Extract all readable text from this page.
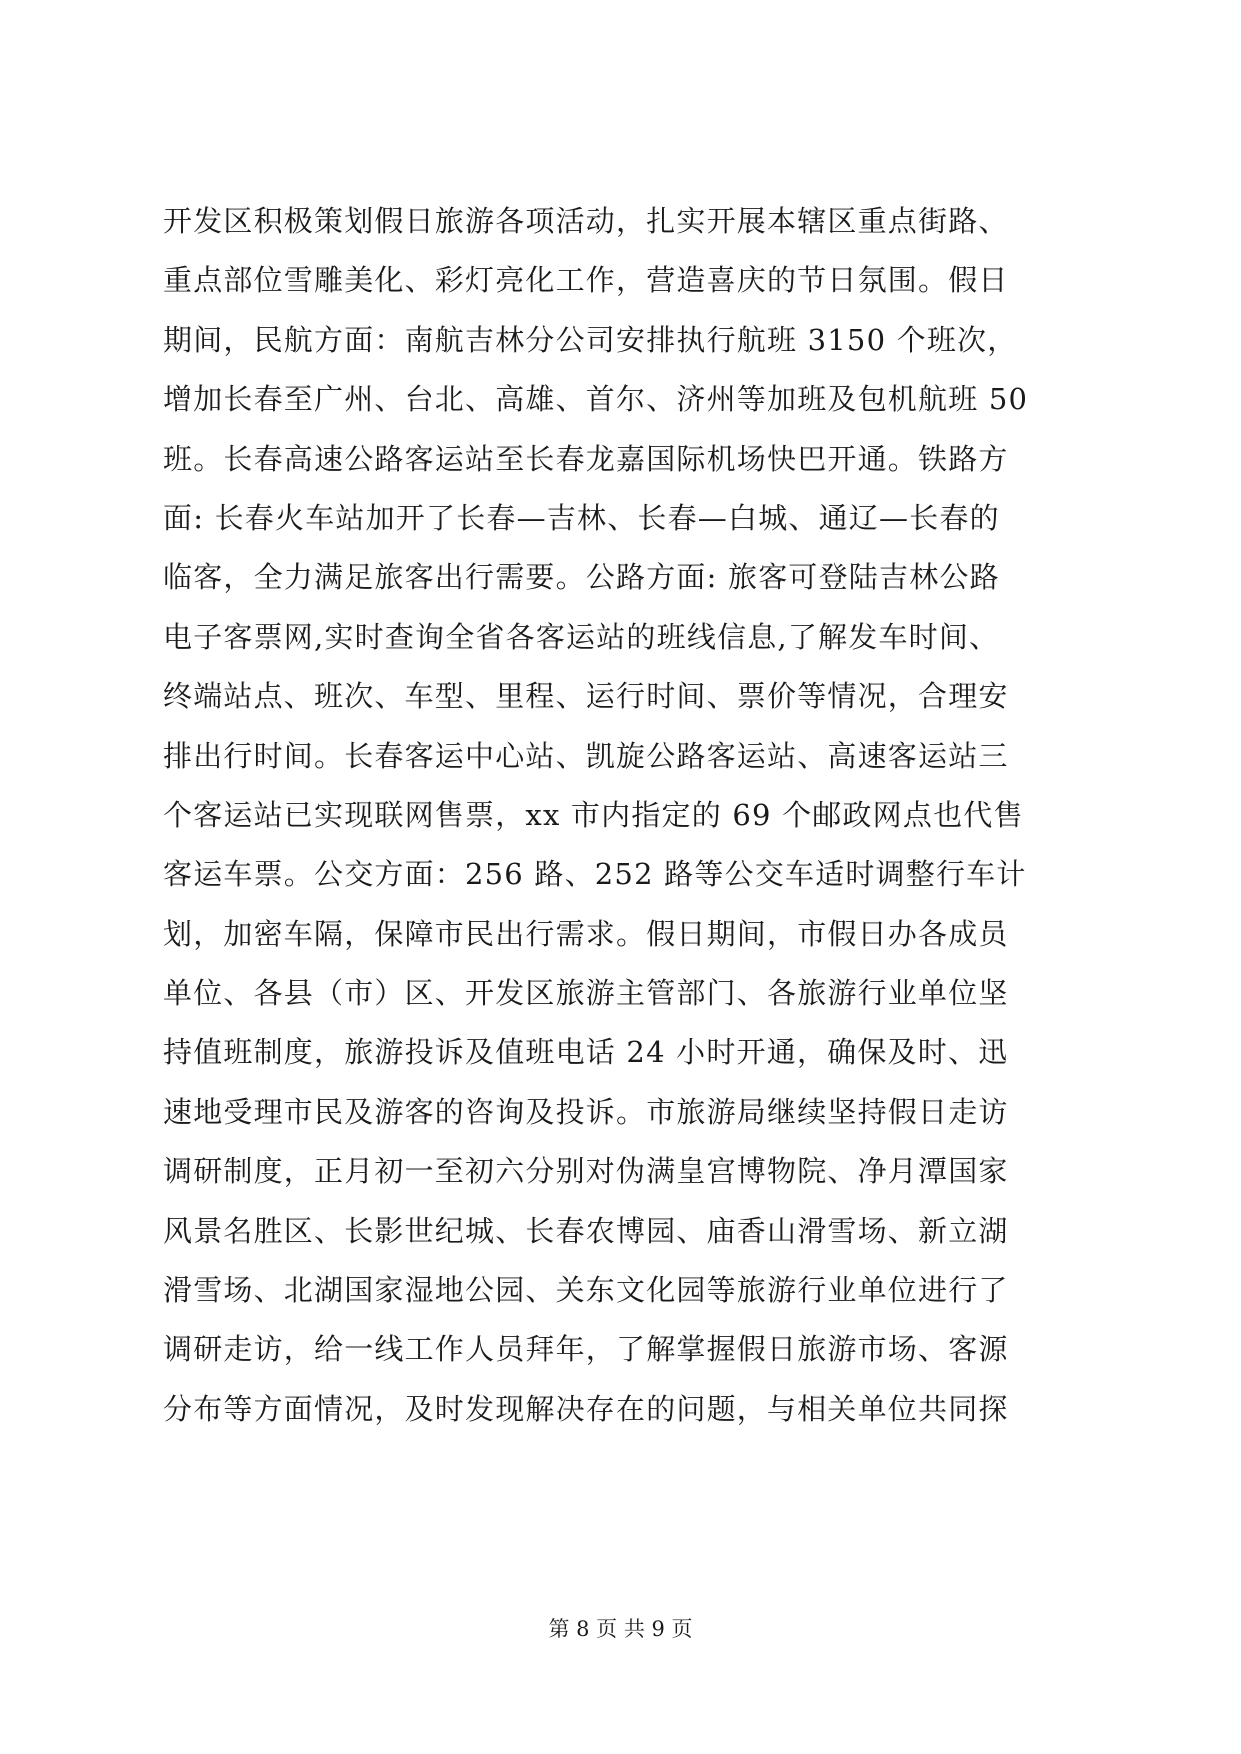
开发区积极策划假日旅游各项活动，扎实开展本辖区重点街路、
重点部位雪雕美化、彩灯亮化工作，营造喜庆的节日氛围。假日
期间，民航方面：南航吉林分公司安排执行航班 3150 个班次，
增加长春至广州、台北、高雄、首尔、济州等加班及包机航班 50
班。长春高速公路客运站至长春龙嘉国际机场快巴开通。铁路方
面: 长春火车站加开了长春—吉林、长春—白城、通辽—长春的
临客，全力满足旅客出行需要。公路方面: 旅客可登陆吉林公路
电子客票网,实时查询全省各客运站的班线信息,了解发车时间、
终端站点、班次、车型、里程、运行时间、票价等情况，合理安
排出行时间。长春客运中心站、凯旋公路客运站、高速客运站三
个客运站已实现联网售票，xx 市内指定的 69 个邮政网点也代售
客运车票。公交方面：256 路、252 路等公交车适时调整行车计
划，加密车隔，保障市民出行需求。假日期间，市假日办各成员
单位、各县（市）区、开发区旅游主管部门、各旅游行业单位坚
持值班制度，旅游投诉及值班电话 24 小时开通，确保及时、迅
速地受理市民及游客的咨询及投诉。市旅游局继续坚持假日走访
调研制度，正月初一至初六分别对伪满皇宫博物院、净月潭国家
风景名胜区、长影世纪城、长春农博园、庙香山滑雪场、新立湖
滑雪场、北湖国家湿地公园、关东文化园等旅游行业单位进行了
调研走访，给一线工作人员拜年，了解掌握假日旅游市场、客源
分布等方面情况，及时发现解决存在的问题，与相关单位共同探
第 8 页 共 9 页
